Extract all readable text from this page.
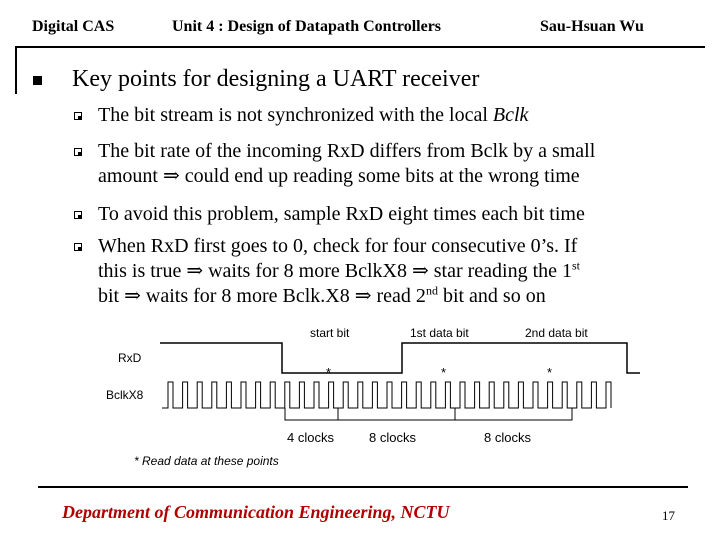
Digital CAS	Unit 4 : Design of Datapath Controllers	Sau-Hsuan Wu
Key points for designing a UART receiver
The bit stream is not synchronized with the local Bclk
The bit rate of the incoming RxD differs from Bclk by a small
amount ⇒ could end up reading some bits at the wrong time
To avoid this problem, sample RxD eight times each bit time
When RxD first goes to 0, check for four consecutive 0’s. If
this is true ⇒ waits for 8 more BclkX8 ⇒ star reading the 1st
bit ⇒ waits for 8 more Bclk.X8 ⇒ read 2nd bit and so on
start bit	1st data bit	2nd data bit
RxD
BclkX8
*	*	*
4 clocks	8 clocks	8 clocks
* Read data at these points
Department of Communication Engineering, NCTU	17
